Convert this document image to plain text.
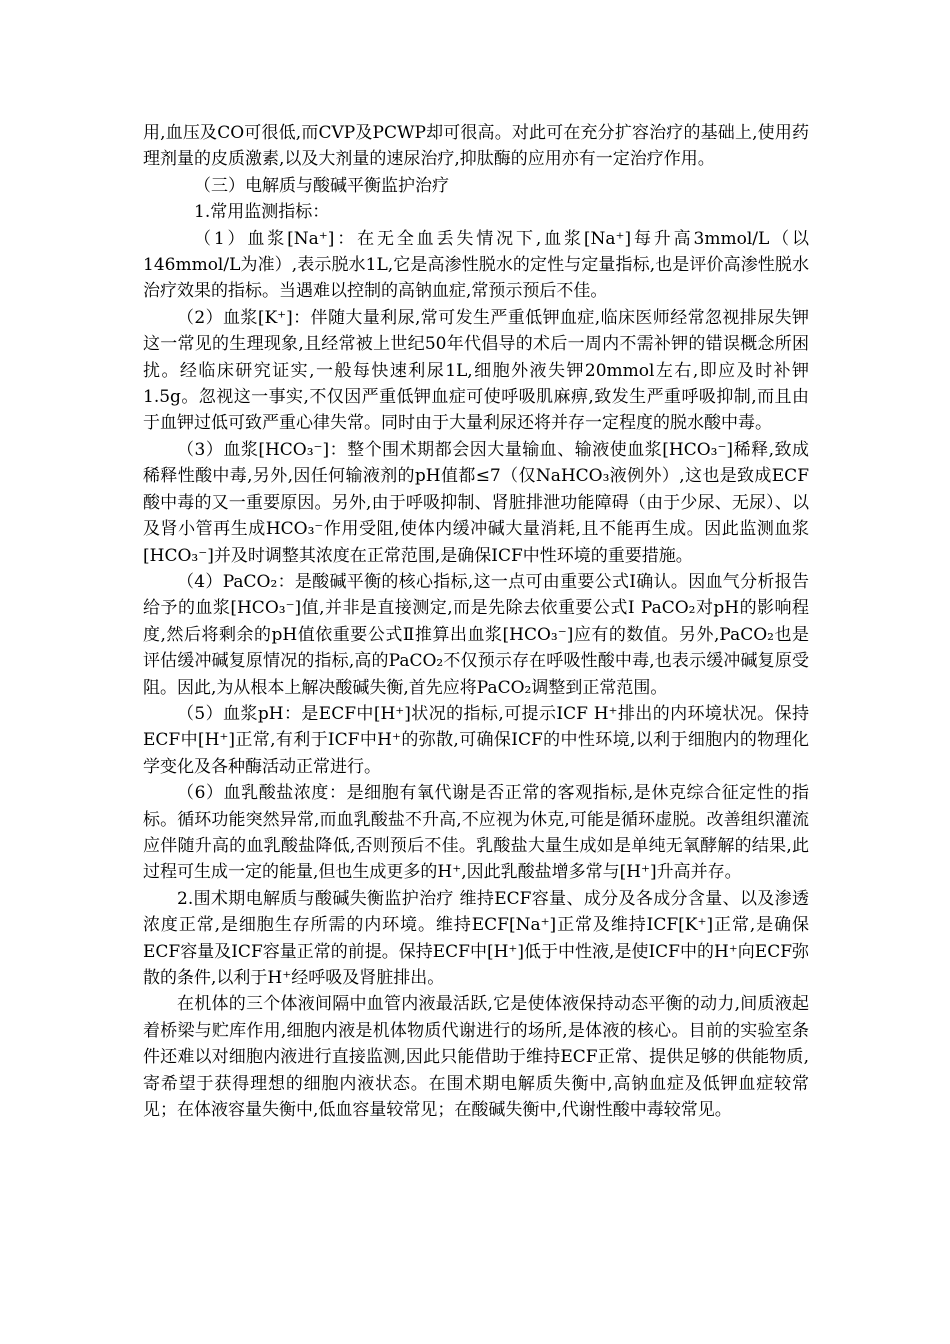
用,血压及CO可很低,而CVP及PCWP却可很高。对此可在充分扩容治疗的基础上,使用药理剂量的皮质激素,以及大剂量的速尿治疗,抑肽酶的应用亦有一定治疗作用。

（三）电解质与酸碱平衡监护治疗

1.常用监测指标：

（1）血浆[Na⁺]：在无全血丢失情况下,血浆[Na⁺]每升高3mmol/L（以146mmol/L为准）,表示脱水1L,它是高渗性脱水的定性与定量指标,也是评价高渗性脱水治疗效果的指标。当遇难以控制的高钠血症,常预示预后不佳。

（2）血浆[K⁺]：伴随大量利尿,常可发生严重低钾血症,临床医师经常忽视排尿失钾这一常见的生理现象,且经常被上世纪50年代倡导的术后一周内不需补钾的错误概念所困扰。经临床研究证实,一般每快速利尿1L,细胞外液失钾20mmol左右,即应及时补钾1.5g。忽视这一事实,不仅因严重低钾血症可使呼吸肌麻痹,致发生严重呼吸抑制,而且由于血钾过低可致严重心律失常。同时由于大量利尿还将并存一定程度的脱水酸中毒。

（3）血浆[HCO₃⁻]：整个围术期都会因大量输血、输液使血浆[HCO₃⁻]稀释,致成稀释性酸中毒,另外,因任何输液剂的pH值都≤7（仅NaHCO₃液例外）,这也是致成ECF酸中毒的又一重要原因。另外,由于呼吸抑制、肾脏排泄功能障碍（由于少尿、无尿）、以及肾小管再生成HCO₃⁻作用受阻,使体内缓冲碱大量消耗,且不能再生成。因此监测血浆[HCO₃⁻]并及时调整其浓度在正常范围,是确保ICF中性环境的重要措施。

（4）PaCO₂：是酸碱平衡的核心指标,这一点可由重要公式Ⅰ确认。因血气分析报告给予的血浆[HCO₃⁻]值,并非是直接测定,而是先除去依重要公式Ⅰ PaCO₂对pH的影响程度,然后将剩余的pH值依重要公式Ⅱ推算出血浆[HCO₃⁻]应有的数值。另外,PaCO₂也是评估缓冲碱复原情况的指标,高的PaCO₂不仅预示存在呼吸性酸中毒,也表示缓冲碱复原受阻。因此,为从根本上解决酸碱失衡,首先应将PaCO₂调整到正常范围。

（5）血浆pH：是ECF中[H⁺]状况的指标,可提示ICF H⁺排出的内环境状况。保持ECF中[H⁺]正常,有利于ICF中H⁺的弥散,可确保ICF的中性环境,以利于细胞内的物理化学变化及各种酶活动正常进行。

（6）血乳酸盐浓度：是细胞有氧代谢是否正常的客观指标,是休克综合征定性的指标。循环功能突然异常,而血乳酸盐不升高,不应视为休克,可能是循环虚脱。改善组织灌流应伴随升高的血乳酸盐降低,否则预后不佳。乳酸盐大量生成如是单纯无氧酵解的结果,此过程可生成一定的能量,但也生成更多的H⁺,因此乳酸盐增多常与[H⁺]升高并存。

2.围术期电解质与酸碱失衡监护治疗 维持ECF容量、成分及各成分含量、以及渗透浓度正常,是细胞生存所需的内环境。维持ECF[Na⁺]正常及维持ICF[K⁺]正常,是确保ECF容量及ICF容量正常的前提。保持ECF中[H⁺]低于中性液,是使ICF中的H⁺向ECF弥散的条件,以利于H⁺经呼吸及肾脏排出。

在机体的三个体液间隔中血管内液最活跃,它是使体液保持动态平衡的动力,间质液起着桥梁与贮库作用,细胞内液是机体物质代谢进行的场所,是体液的核心。目前的实验室条件还难以对细胞内液进行直接监测,因此只能借助于维持ECF正常、提供足够的供能物质,寄希望于获得理想的细胞内液状态。在围术期电解质失衡中,高钠血症及低钾血症较常见；在体液容量失衡中,低血容量较常见；在酸碱失衡中,代谢性酸中毒较常见。
